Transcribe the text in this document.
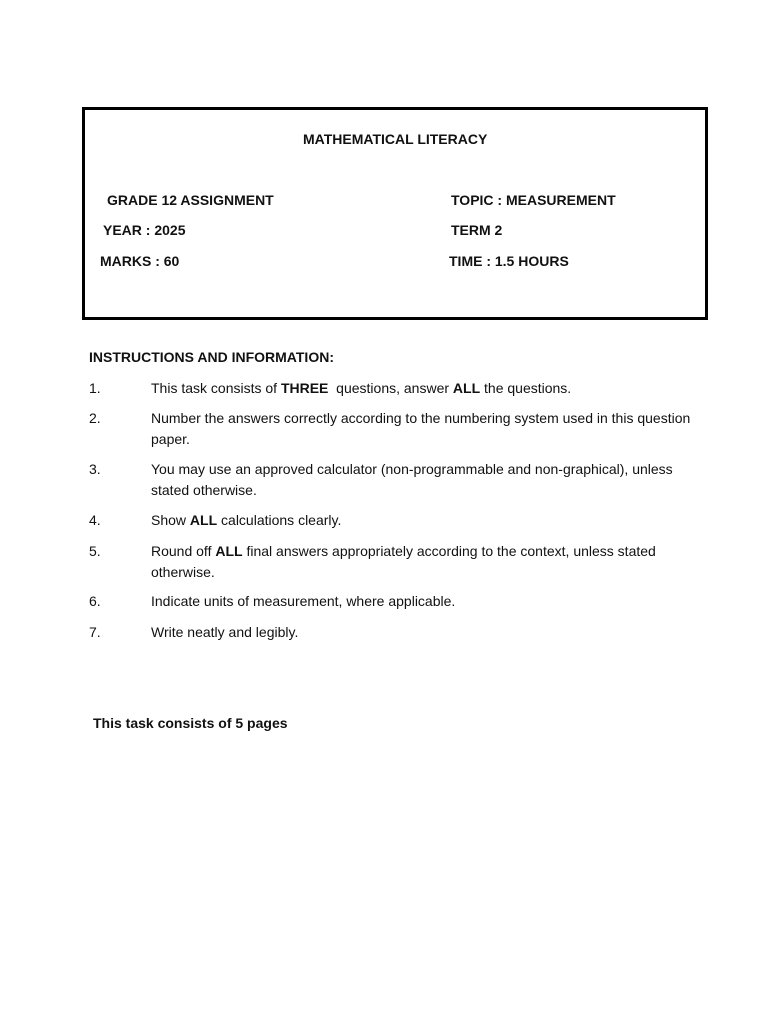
MATHEMATICAL LITERACY
GRADE 12 ASSIGNMENT	TOPIC : MEASUREMENT
YEAR : 2025	TERM 2
MARKS : 60	TIME : 1.5 HOURS
INSTRUCTIONS AND INFORMATION:
1.	This task consists of THREE  questions, answer ALL the questions.
2.	Number the answers correctly according to the numbering system used in this question paper.
3.	You may use an approved calculator (non-programmable and non-graphical), unless stated otherwise.
4.	Show ALL calculations clearly.
5.	Round off ALL final answers appropriately according to the context, unless stated otherwise.
6.	Indicate units of measurement, where applicable.
7.	Write neatly and legibly.
This task consists of 5 pages
